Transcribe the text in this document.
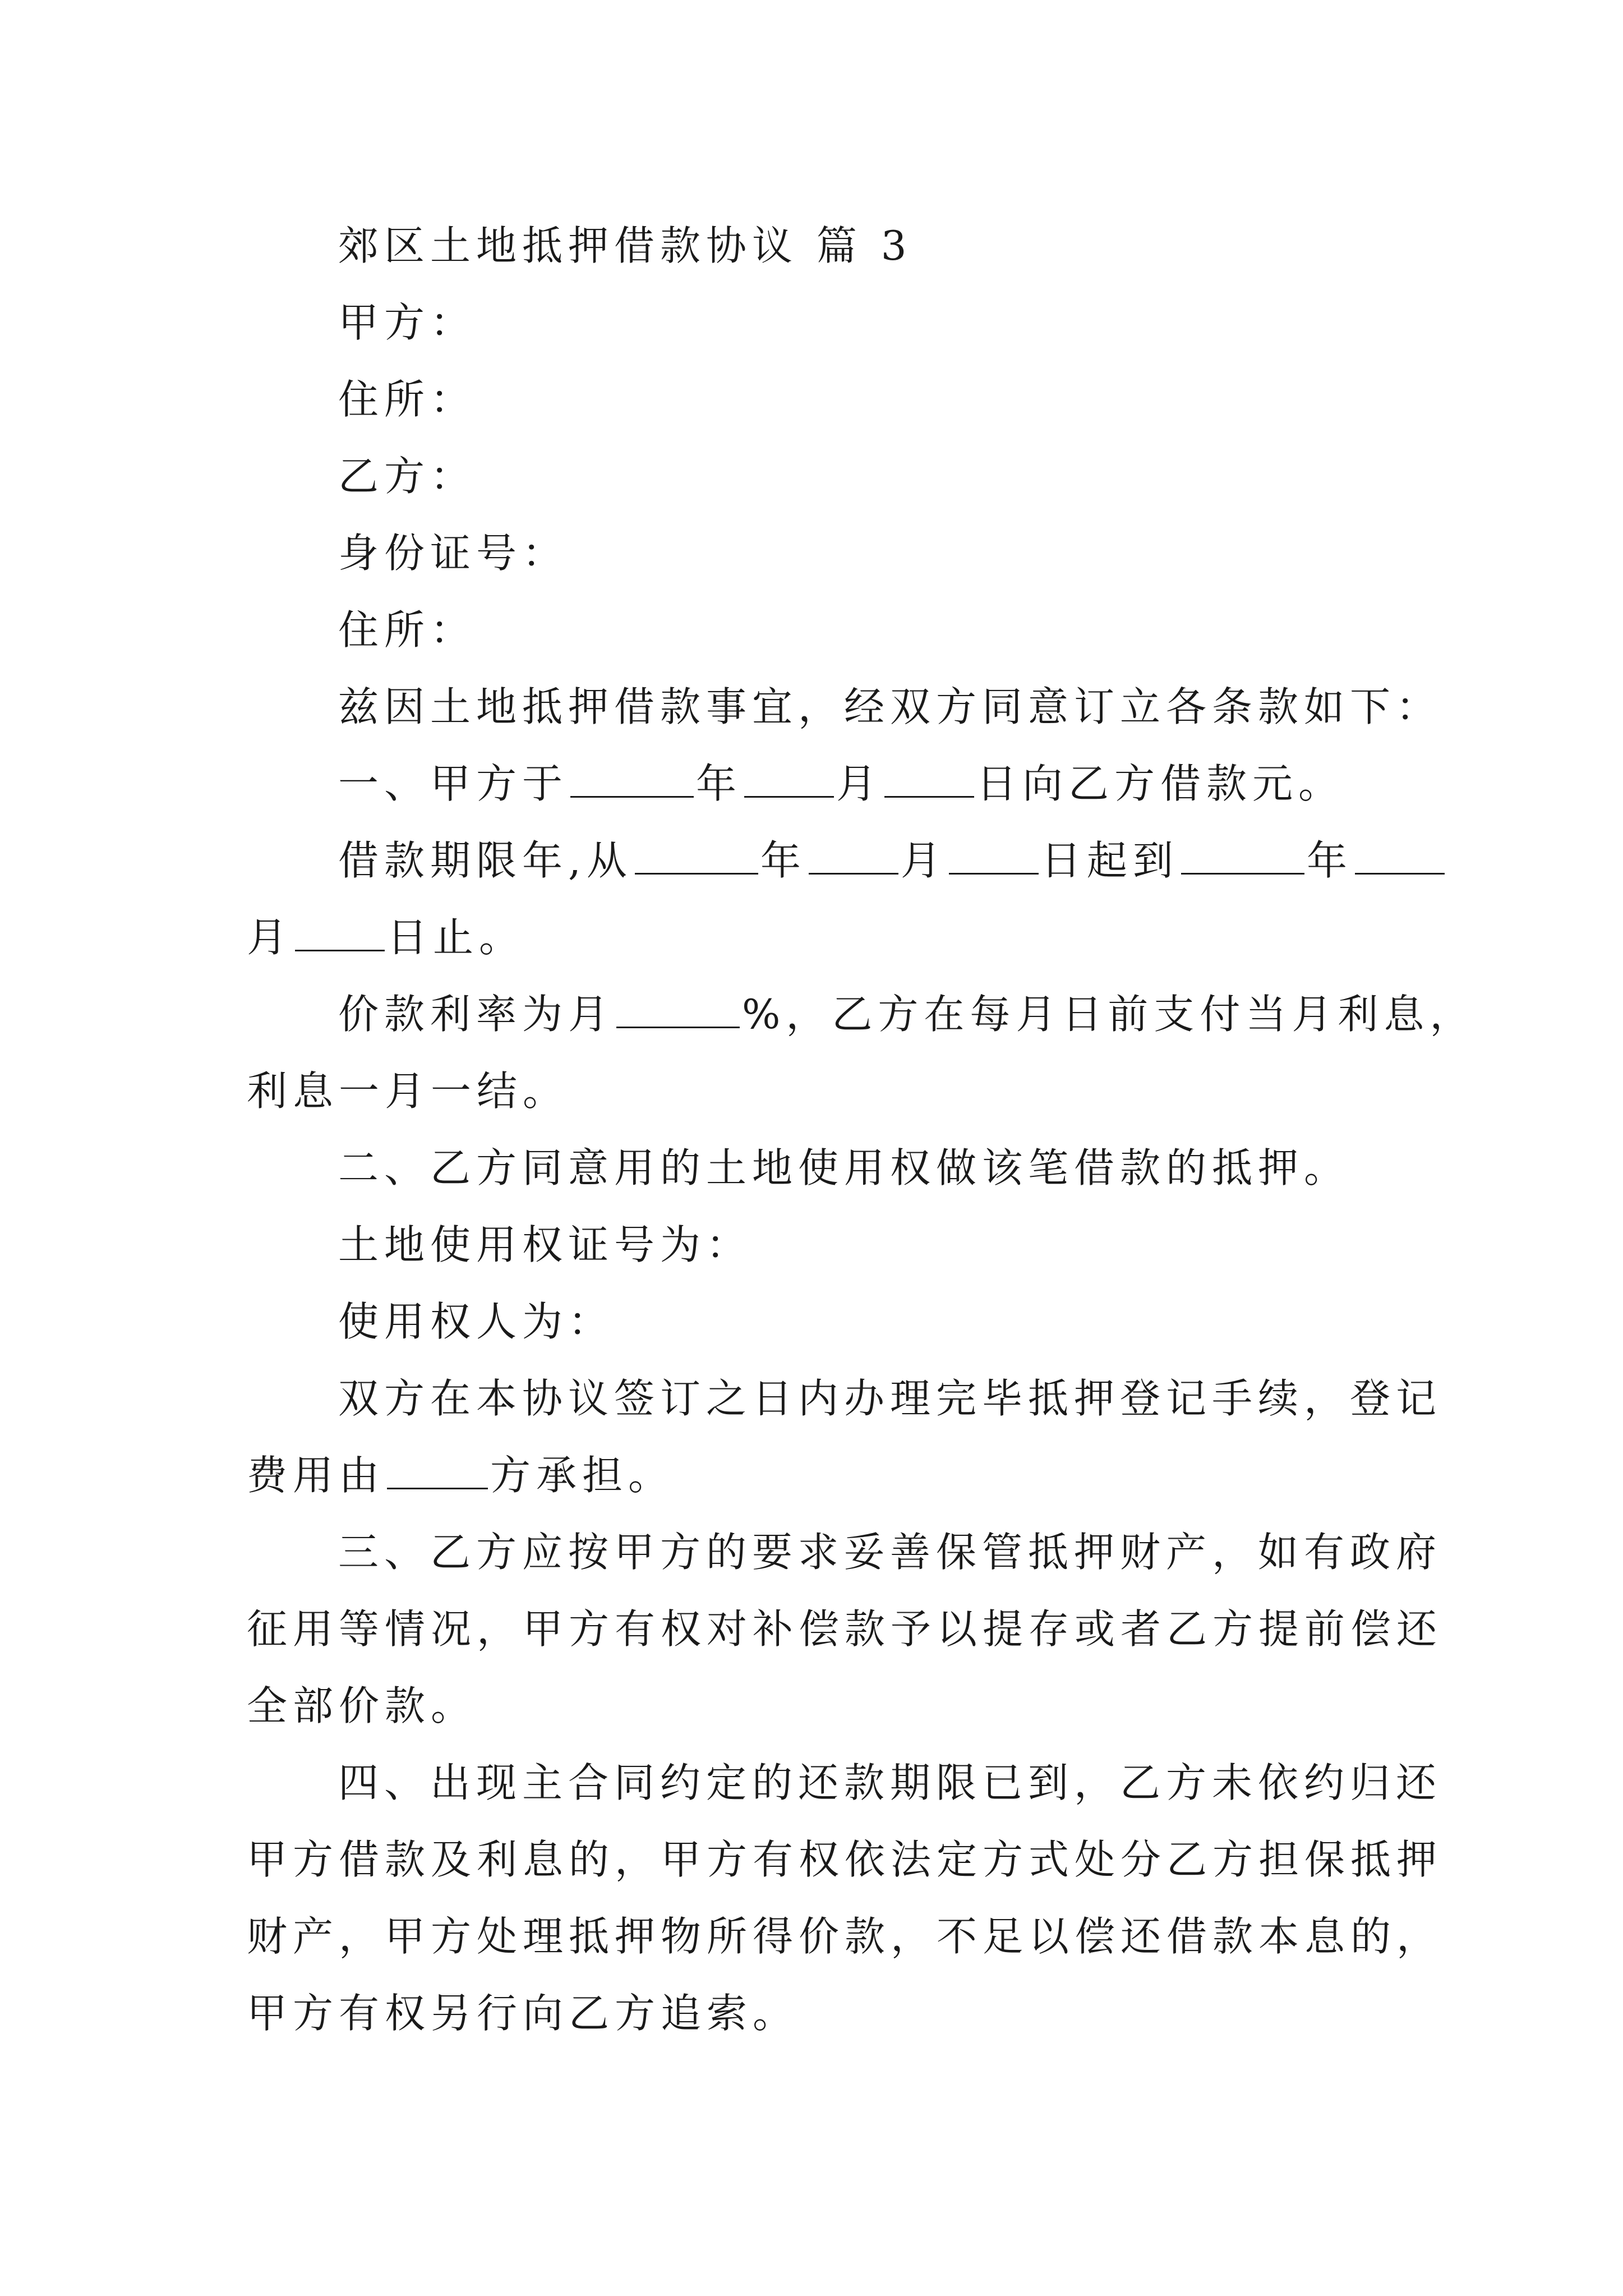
郊区土地抵押借款协议 篇 3
甲方：
住所：
乙方：
身份证号：
住所：
兹因土地抵押借款事宜，经双方同意订立各条款如下：
一、甲方于	年 月 日向乙方借款元。
借款期限年,从	年 月 日起到	年
月 日止。
价款利率为月	%，乙方在每月日前支付当月利息，
利息一月一结。
二、乙方同意用的土地使用权做该笔借款的抵押。
土地使用权证号为：
使用权人为：
双方在本协议签订之日内办理完毕抵押登记手续，登记
费用由	方承担。
三、乙方应按甲方的要求妥善保管抵押财产，如有政府
征用等情况，甲方有权对补偿款予以提存或者乙方提前偿还
全部价款。
四、出现主合同约定的还款期限已到，乙方未依约归还
甲方借款及利息的，甲方有权依法定方式处分乙方担保抵押
财产，甲方处理抵押物所得价款，不足以偿还借款本息的，
甲方有权另行向乙方追索。
